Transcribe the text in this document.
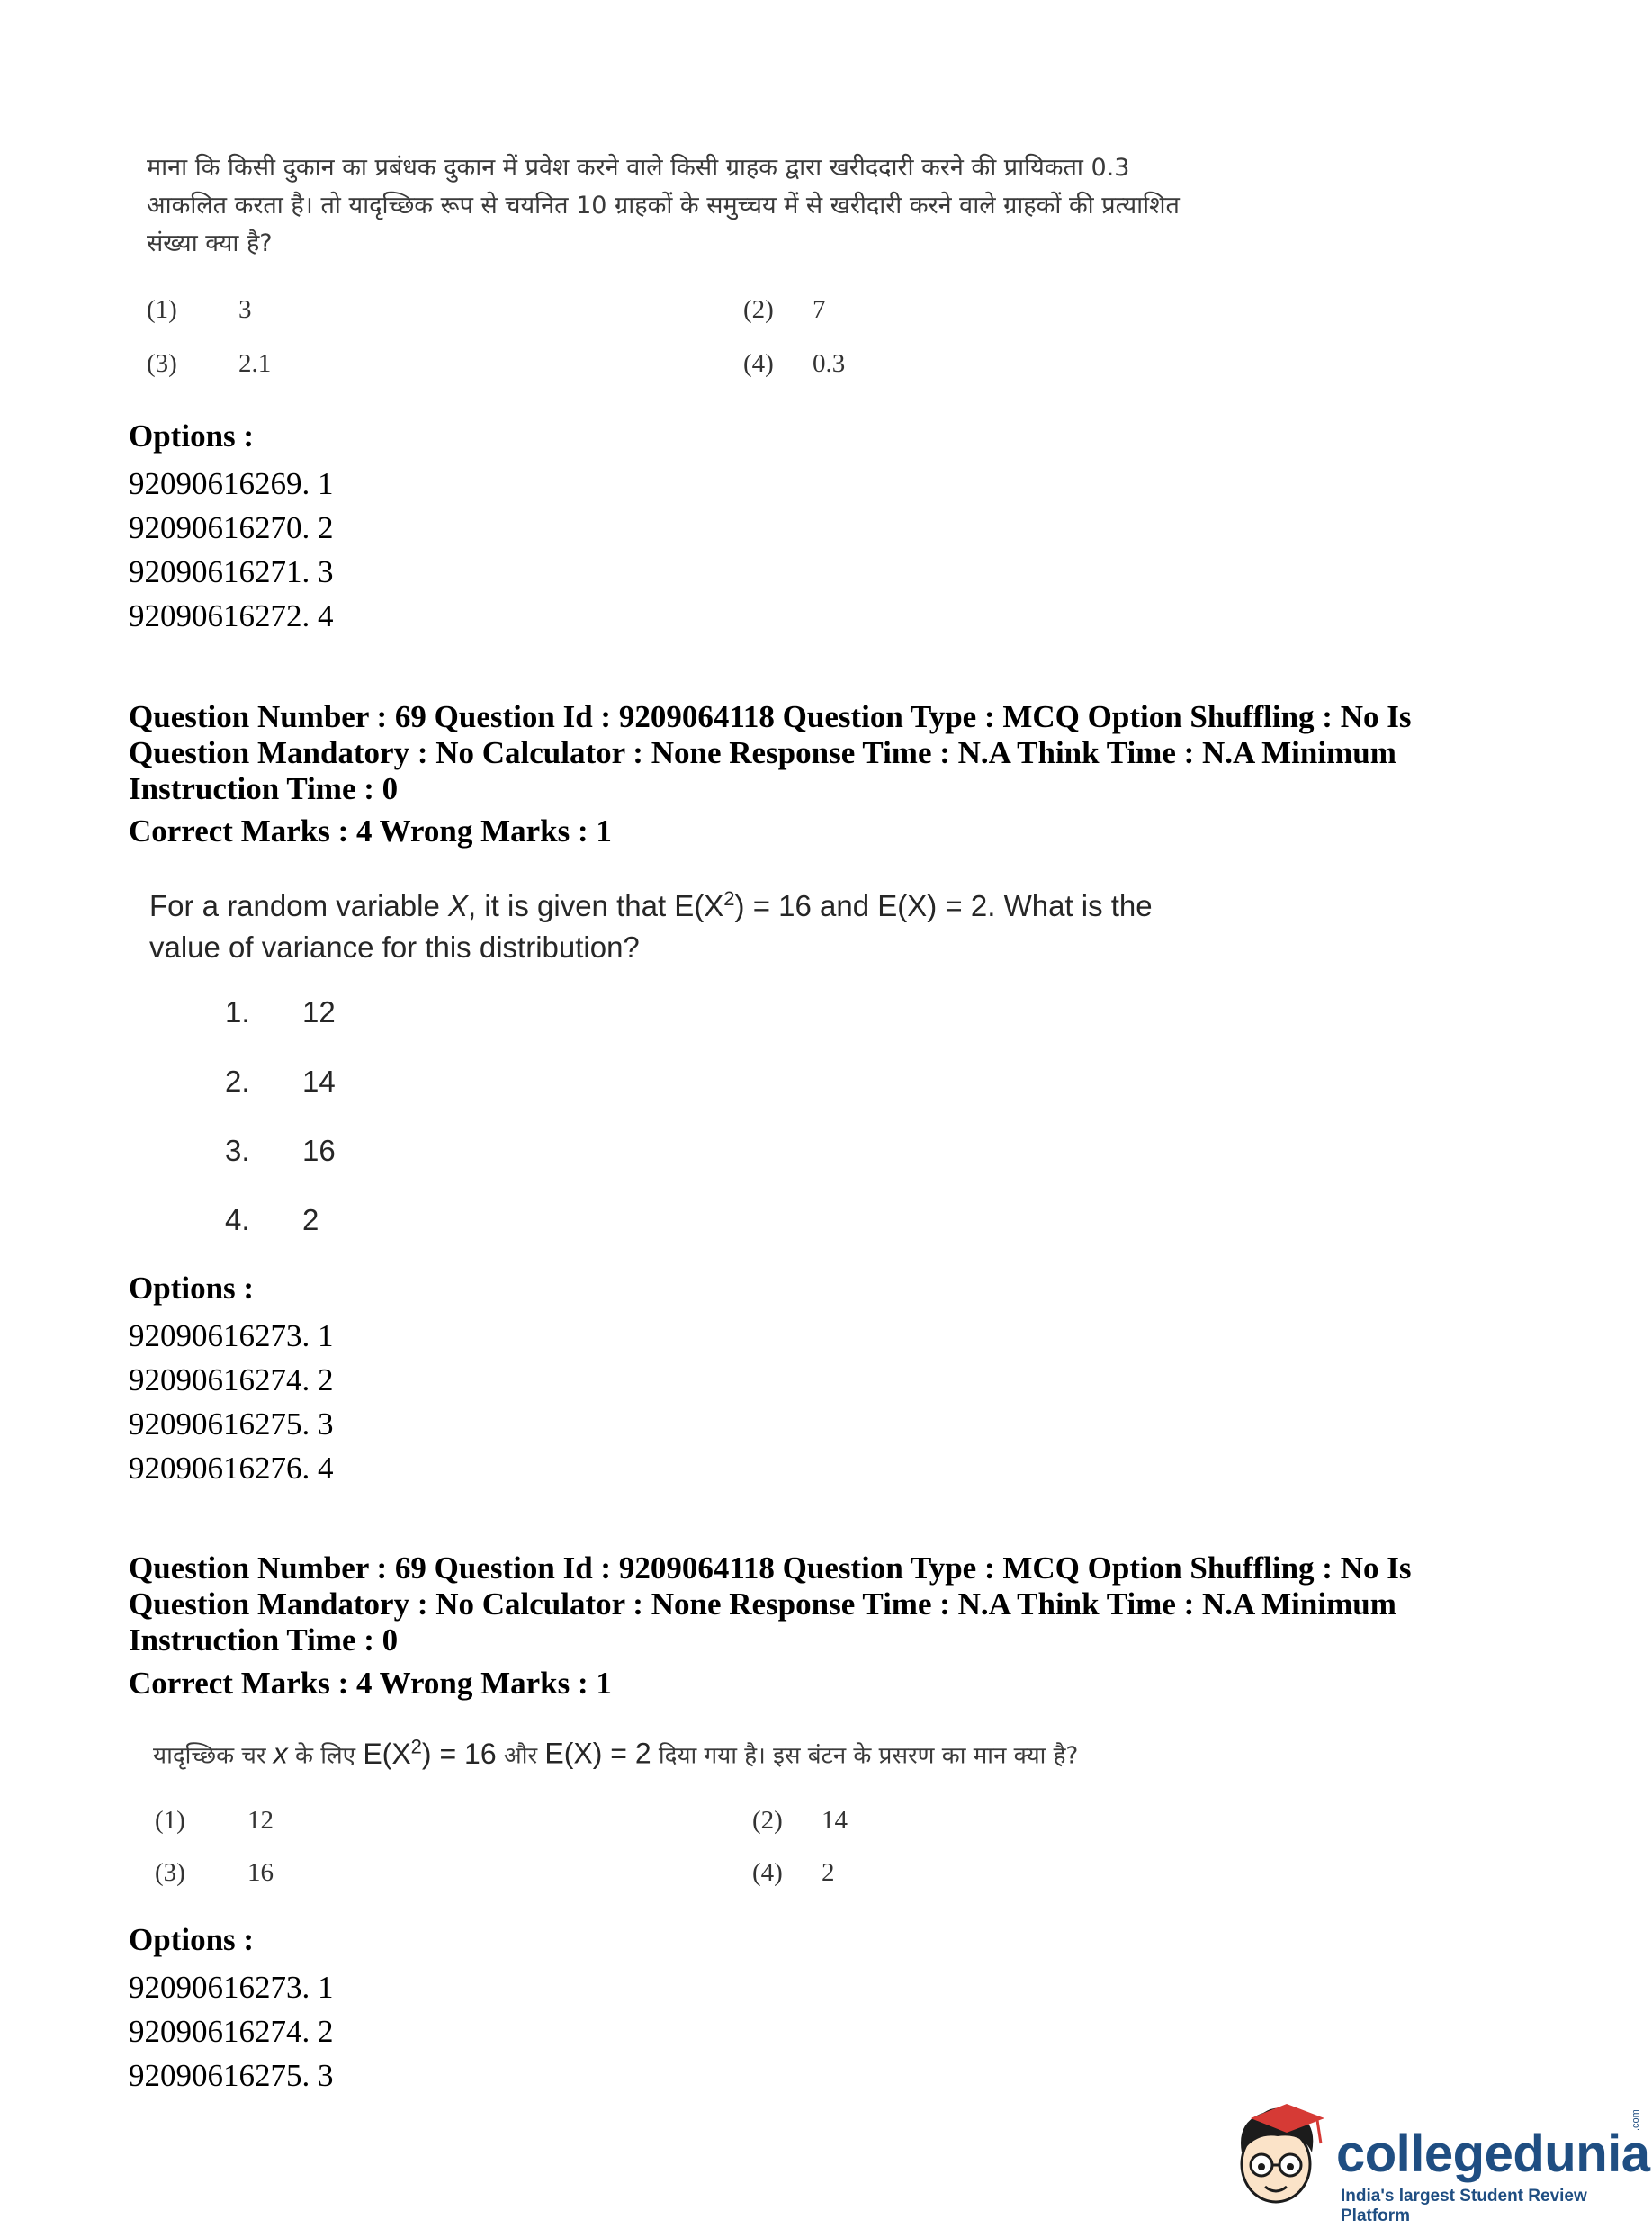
माना कि किसी दुकान का प्रबंधक दुकान में प्रवेश करने वाले किसी ग्राहक द्वारा खरीददारी करने की प्रायिकता 0.3
आकलित करता है। तो यादृच्छिक रूप से चयनित 10 ग्राहकों के समुच्चय में से खरीदारी करने वाले ग्राहकों की प्रत्याशित
संख्या क्या है?
(1) 3	(2) 7
(3) 2.1	(4) 0.3
Options :
92090616269. 1
92090616270. 2
92090616271. 3
92090616272. 4
Question Number : 69 Question Id : 9209064118 Question Type : MCQ Option Shuffling : No Is
Question Mandatory : No Calculator : None Response Time : N.A Think Time : N.A Minimum
Instruction Time : 0
Correct Marks : 4 Wrong Marks : 1
For a random variable X, it is given that $E(X^2) = 16$ and E(X) = 2. What is the
value of variance for this distribution?
1. 12
2. 14
3. 16
4. 2
Options :
92090616273. 1
92090616274. 2
92090616275. 3
92090616276. 4
Question Number : 69 Question Id : 9209064118 Question Type : MCQ Option Shuffling : No Is
Question Mandatory : No Calculator : None Response Time : N.A Think Time : N.A Minimum
Instruction Time : 0
Correct Marks : 4 Wrong Marks : 1
यादृच्छिक चर x के लिए $E(X^2) = 16$ और E(X) = 2 दिया गया है। इस बंटन के प्रसरण का मान क्या है?
(1) 12	(2) 14
(3) 16	(4) 2
Options :
92090616273. 1
92090616274. 2
92090616275. 3
collegedunia
.com
India's largest Student Review Platform
